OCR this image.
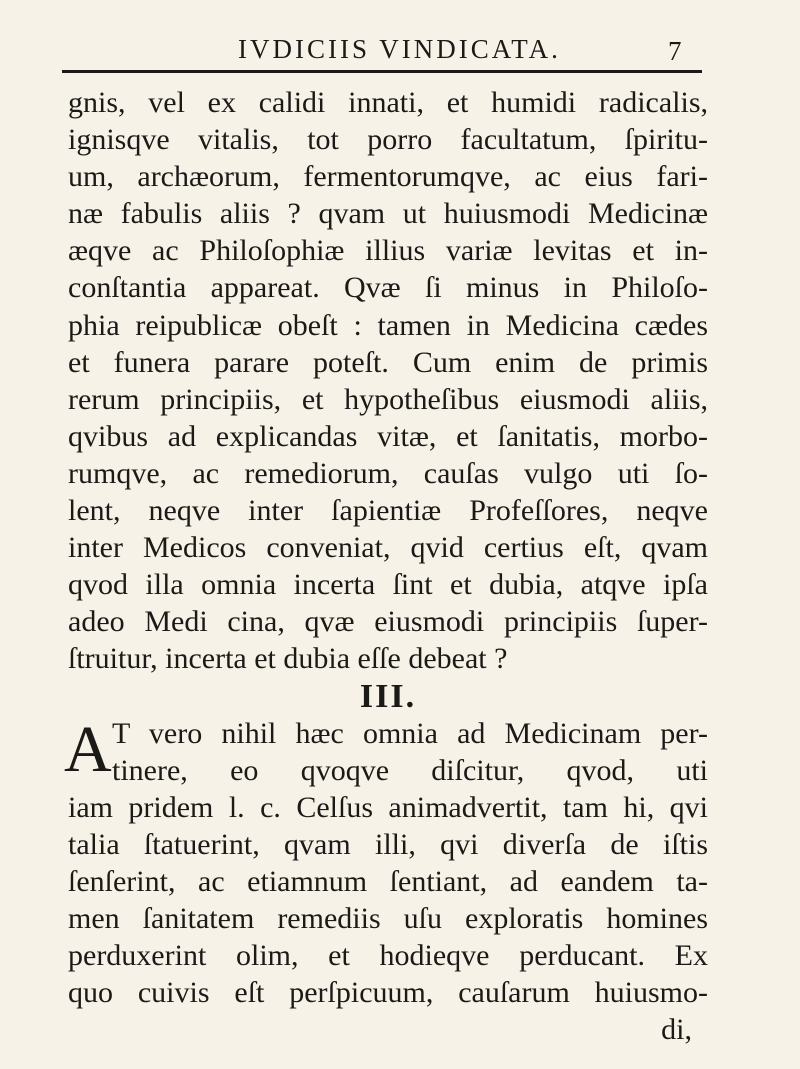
IVDICIIS VINDICATA.	7
gnis, vel ex calidi innati, et humidi radicalis,
ignisqve vitalis, tot porro facultatum, ſpiritu-
um, archæorum, fermentorumqve, ac eius fari-
næ fabulis aliis ? qvam ut huiusmodi Medicinæ
æqve ac Philoſophiæ illius variæ levitas et in-
conſtantia appareat. Qvæ ſi minus in Philoſo-
phia reipublicæ obeſt : tamen in Medicina cædes
et funera parare poteſt. Cum enim de primis
rerum principiis, et hypotheſibus eiusmodi aliis,
qvibus ad explicandas vitæ, et ſanitatis, morbo-
rumqve, ac remediorum, cauſas vulgo uti ſo-
lent, neqve inter ſapientiæ Profeſſores, neqve
inter Medicos conveniat, qvid certius eſt, qvam
qvod illa omnia incerta ſint et dubia, atqve ipſa
adeo Medi cina, qvæ eiusmodi principiis ſuper-
ſtruitur, incerta et dubia eſſe debeat ?
III.
A T vero nihil hæc omnia ad Medicinam per-
tinere, eo qvoqve diſcitur, qvod, uti
iam pridem l. c. Celſus animadvertit, tam hi, qvi
talia ſtatuerint, qvam illi, qvi diverſa de iſtis
ſenſerint, ac etiamnum ſentiant, ad eandem ta-
men ſanitatem remediis uſu exploratis homines
perduxerint olim, et hodieqve perducant. Ex
quo cuivis eſt perſpicuum, cauſarum huiusmo-
di,
